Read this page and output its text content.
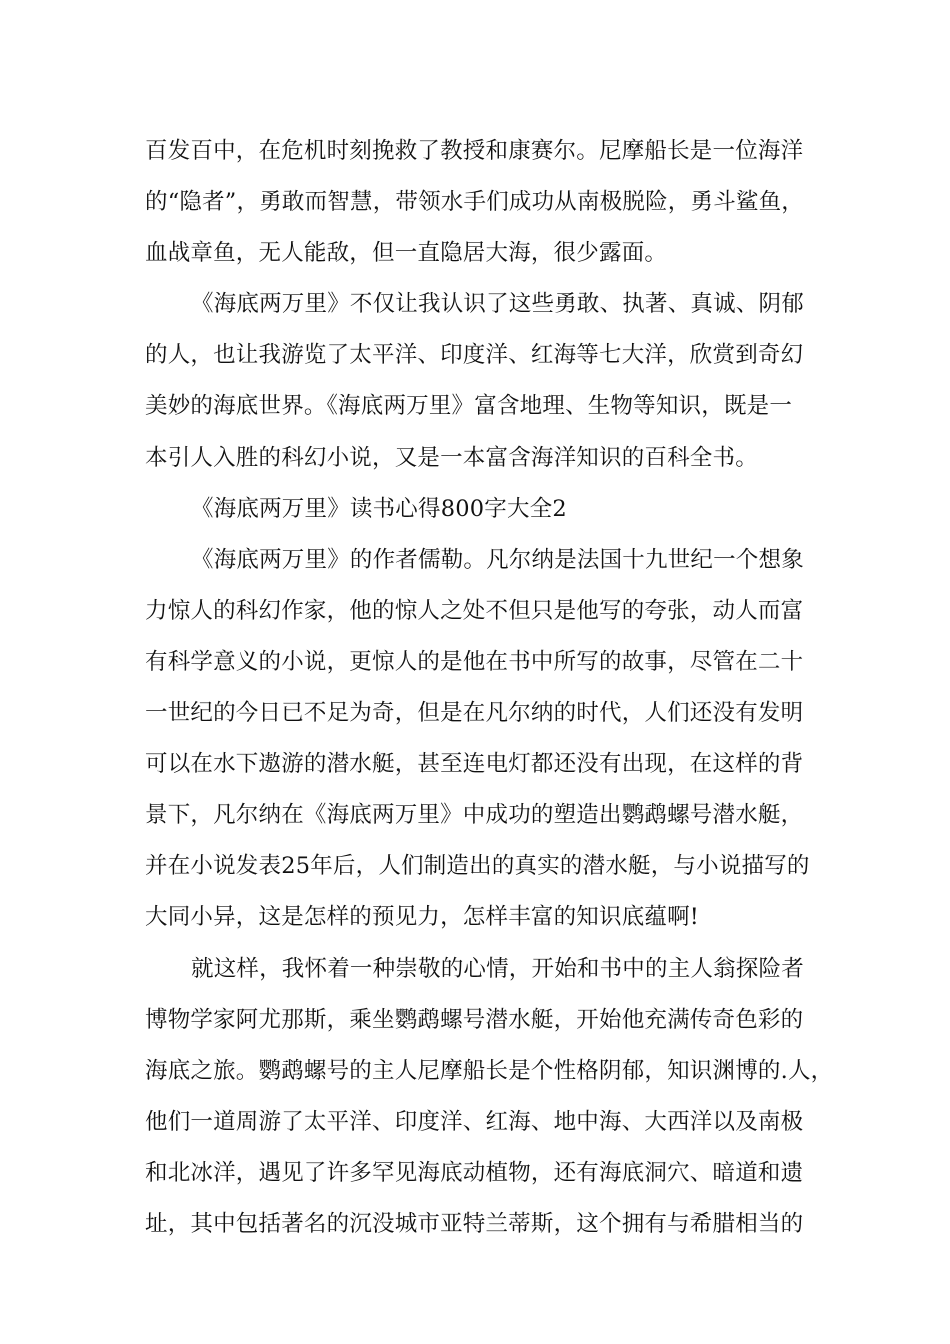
百发百中，在危机时刻挽救了教授和康赛尔。尼摩船长是一位海洋
的“隐者”，勇敢而智慧，带领水手们成功从南极脱险，勇斗鲨鱼，
血战章鱼，无人能敌，但一直隐居大海，很少露面。
《海底两万里》不仅让我认识了这些勇敢、执著、真诚、阴郁
的人，也让我游览了太平洋、印度洋、红海等七大洋，欣赏到奇幻
美妙的海底世界。《海底两万里》富含地理、生物等知识，既是一
本引人入胜的科幻小说，又是一本富含海洋知识的百科全书。
《海底两万里》读书心得800字大全2
《海底两万里》的作者儒勒。凡尔纳是法国十九世纪一个想象
力惊人的科幻作家，他的惊人之处不但只是他写的夸张，动人而富
有科学意义的小说，更惊人的是他在书中所写的故事，尽管在二十
一世纪的今日已不足为奇，但是在凡尔纳的时代，人们还没有发明
可以在水下遨游的潜水艇，甚至连电灯都还没有出现，在这样的背
景下，凡尔纳在《海底两万里》中成功的塑造出鹦鹉螺号潜水艇，
并在小说发表25年后，人们制造出的真实的潜水艇，与小说描写的
大同小异，这是怎样的预见力，怎样丰富的知识底蕴啊!
就这样，我怀着一种崇敬的心情，开始和书中的主人翁探险者
博物学家阿尤那斯，乘坐鹦鹉螺号潜水艇，开始他充满传奇色彩的
海底之旅。鹦鹉螺号的主人尼摩船长是个性格阴郁，知识渊博的.人，
他们一道周游了太平洋、印度洋、红海、地中海、大西洋以及南极
和北冰洋，遇见了许多罕见海底动植物，还有海底洞穴、暗道和遗
址，其中包括著名的沉没城市亚特兰蒂斯，这个拥有与希腊相当的
